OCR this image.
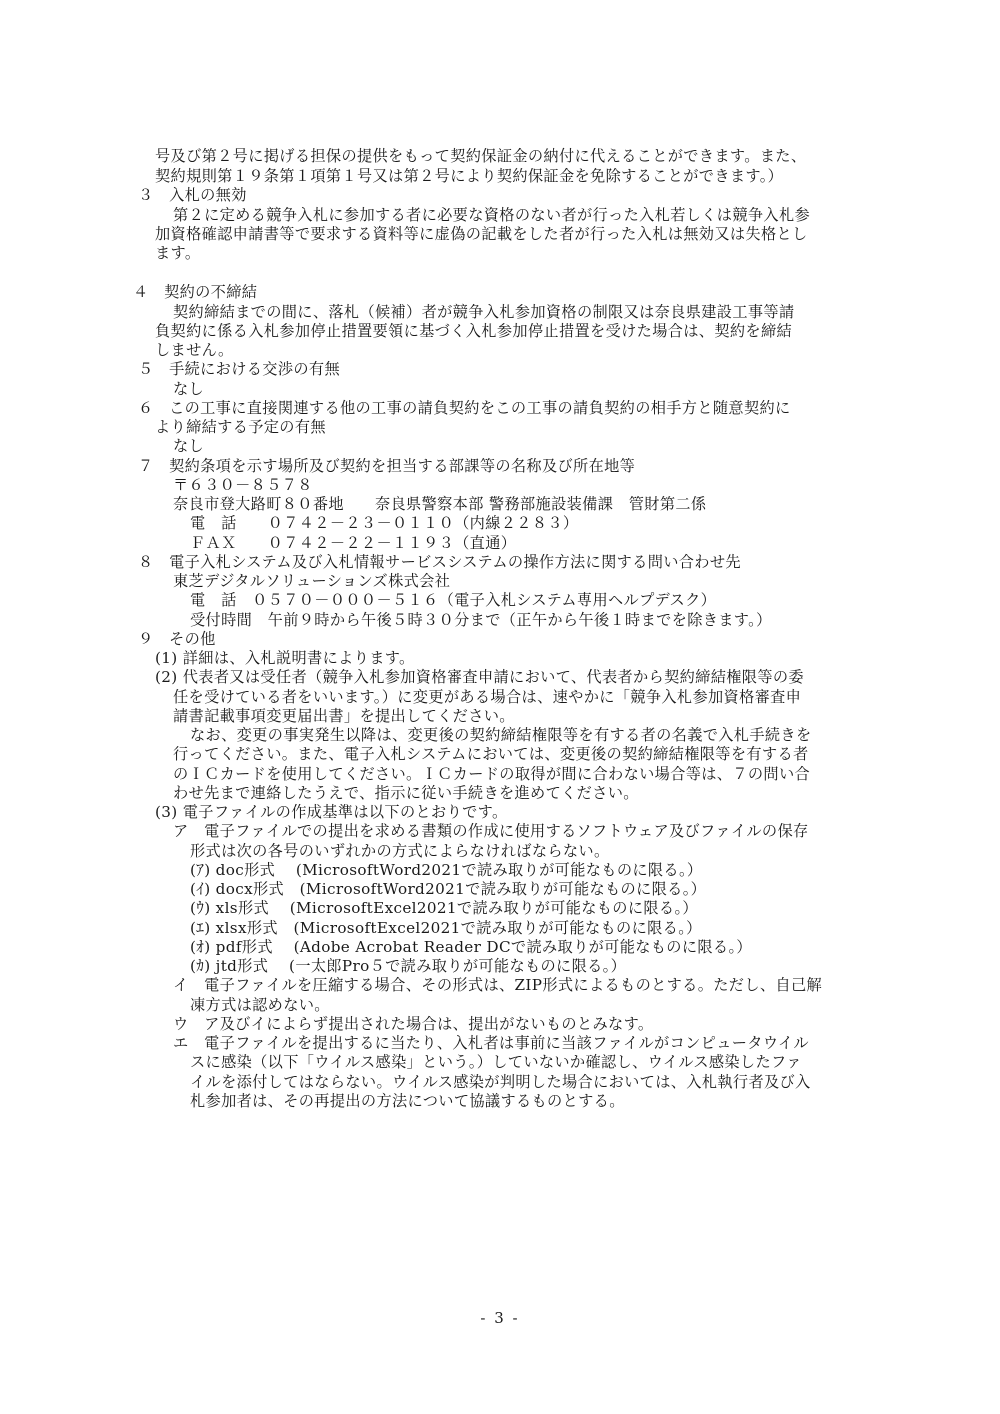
号及び第２号に掲げる担保の提供をもって契約保証金の納付に代えることができます。また、
契約規則第１９条第１項第１号又は第２号により契約保証金を免除することができます。）
３　入札の無効
第２に定める競争入札に参加する者に必要な資格のない者が行った入札若しくは競争入札参
加資格確認申請書等で要求する資料等に虚偽の記載をした者が行った入札は無効又は失格とし
ます。
４　契約の不締結
契約締結までの間に、落札（候補）者が競争入札参加資格の制限又は奈良県建設工事等請
負契約に係る入札参加停止措置要領に基づく入札参加停止措置を受けた場合は、契約を締結
しません。
５　手続における交渉の有無
なし
６　この工事に直接関連する他の工事の請負契約をこの工事の請負契約の相手方と随意契約に
より締結する予定の有無
なし
７　契約条項を示す場所及び契約を担当する部課等の名称及び所在地等
〒６３０－８５７８
奈良市登大路町８０番地　　奈良県警察本部 警務部施設装備課　管財第二係
電　話　　０７４２－２３－０１１０（内線２２８３）
ＦＡＸ　　０７４２－２２－１１９３（直通）
８　電子入札システム及び入札情報サービスシステムの操作方法に関する問い合わせ先
東芝デジタルソリューションズ株式会社
電　話　０５７０－０００－５１６（電子入札システム専用ヘルプデスク）
受付時間　午前９時から午後５時３０分まで（正午から午後１時までを除きます。）
９　その他
(1) 詳細は、入札説明書によります。
(2) 代表者又は受任者（競争入札参加資格審査申請において、代表者から契約締結権限等の委
任を受けている者をいいます。）に変更がある場合は、速やかに「競争入札参加資格審査申
請書記載事項変更届出書」を提出してください。
なお、変更の事実発生以降は、変更後の契約締結権限等を有する者の名義で入札手続きを
行ってください。また、電子入札システムにおいては、変更後の契約締結権限等を有する者
のＩＣカードを使用してください。ＩＣカードの取得が間に合わない場合等は、７の問い合
わせ先まで連絡したうえで、指示に従い手続きを進めてください。
(3) 電子ファイルの作成基準は以下のとおりです。
ア　電子ファイルでの提出を求める書類の作成に使用するソフトウェア及びファイルの保存
形式は次の各号のいずれかの方式によらなければならない。
(ｱ) doc形式　 (MicrosoftWord2021で読み取りが可能なものに限る。）
(ｲ) docx形式　(MicrosoftWord2021で読み取りが可能なものに限る。）
(ｳ) xls形式　 (MicrosoftExcel2021で読み取りが可能なものに限る。）
(ｴ) xlsx形式　(MicrosoftExcel2021で読み取りが可能なものに限る。）
(ｵ) pdf形式　 (Adobe Acrobat Reader DCで読み取りが可能なものに限る。）
(ｶ) jtd形式　 (一太郎Pro５で読み取りが可能なものに限る。）
イ　電子ファイルを圧縮する場合、その形式は、ZIP形式によるものとする。ただし、自己解
凍方式は認めない。
ウ　ア及びイによらず提出された場合は、提出がないものとみなす。
エ　電子ファイルを提出するに当たり、入札者は事前に当該ファイルがコンピュータウイル
スに感染（以下「ウイルス感染」という。）していないか確認し、ウイルス感染したファ
イルを添付してはならない。ウイルス感染が判明した場合においては、入札執行者及び入
札参加者は、その再提出の方法について協議するものとする。
- 3 -
